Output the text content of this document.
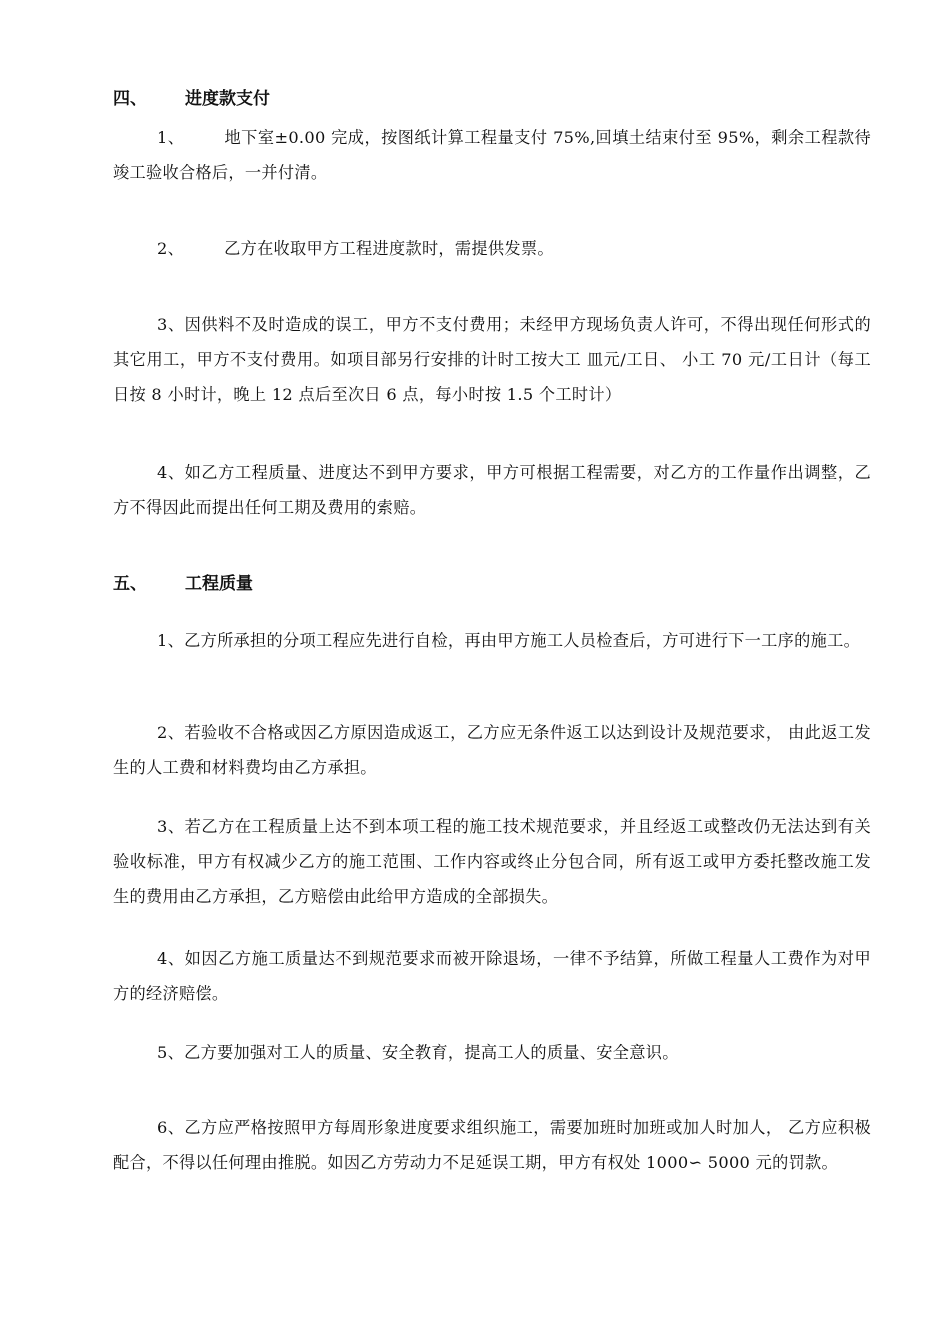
四、 进度款支付

1、 地下室±0.00 完成，按图纸计算工程量支付 75%,回填土结束付至 95%，剩余工程款待竣工验收合格后，一并付清。

2、 乙方在收取甲方工程进度款时，需提供发票。

3、因供料不及时造成的误工，甲方不支付费用；未经甲方现场负责人许可，不得出现任何形式的其它用工，甲方不支付费用。如项目部另行安排的计时工按大工 皿元/工日、 小工 70 元/工日计（每工日按 8 小时计，晚上 12 点后至次日 6 点，每小时按 1.5 个工时计）

4、如乙方工程质量、进度达不到甲方要求，甲方可根据工程需要，对乙方的工作量作出调整，乙方不得因此而提出任何工期及费用的索赔。

五、 工程质量

1、乙方所承担的分项工程应先进行自检，再由甲方施工人员检查后，方可进行下一工序的施工。

2、若验收不合格或因乙方原因造成返工，乙方应无条件返工以达到设计及规范要求， 由此返工发生的人工费和材料费均由乙方承担。

3、若乙方在工程质量上达不到本项工程的施工技术规范要求，并且经返工或整改仍无法达到有关验收标准，甲方有权减少乙方的施工范围、工作内容或终止分包合同，所有返工或甲方委托整改施工发生的费用由乙方承担，乙方赔偿由此给甲方造成的全部损失。

4、如因乙方施工质量达不到规范要求而被开除退场，一律不予结算，所做工程量人工费作为对甲方的经济赔偿。

5、乙方要加强对工人的质量、安全教育，提高工人的质量、安全意识。

6、乙方应严格按照甲方每周形象进度要求组织施工，需要加班时加班或加人时加人， 乙方应积极配合，不得以任何理由推脱。如因乙方劳动力不足延误工期，甲方有权处 1000∽ 5000 元的罚款。
